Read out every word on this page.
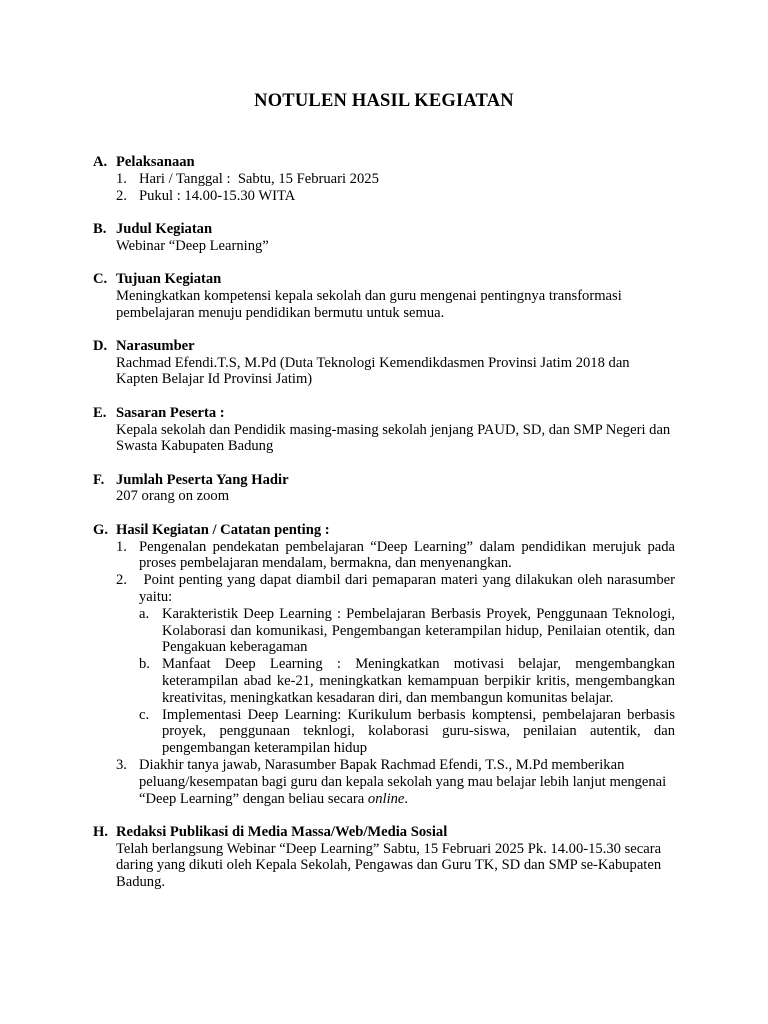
NOTULEN HASIL KEGIATAN
A. Pelaksanaan
1. Hari / Tanggal :  Sabtu, 15 Februari 2025
2. Pukul : 14.00-15.30 WITA
B. Judul Kegiatan
Webinar “Deep Learning”
C. Tujuan Kegiatan
Meningkatkan kompetensi kepala sekolah dan guru mengenai pentingnya transformasi pembelajaran menuju pendidikan bermutu untuk semua.
D. Narasumber
Rachmad Efendi.T.S, M.Pd (Duta Teknologi Kemendikdasmen Provinsi Jatim 2018 dan Kapten Belajar Id Provinsi Jatim)
E. Sasaran Peserta :
Kepala sekolah dan Pendidik masing-masing sekolah jenjang PAUD, SD, dan SMP Negeri dan Swasta Kabupaten Badung
F. Jumlah Peserta Yang Hadir
207 orang on zoom
G. Hasil Kegiatan / Catatan penting :
1. Pengenalan pendekatan pembelajaran “Deep Learning” dalam pendidikan merujuk pada proses pembelajaran mendalam, bermakna, dan menyenangkan.
2. Point penting yang dapat diambil dari pemaparan materi yang dilakukan oleh narasumber yaitu:
a. Karakteristik Deep Learning : Pembelajaran Berbasis Proyek, Penggunaan Teknologi, Kolaborasi dan komunikasi, Pengembangan keterampilan hidup, Penilaian otentik, dan Pengakuan keberagaman
b. Manfaat Deep Learning : Meningkatkan motivasi belajar, mengembangkan keterampilan abad ke-21, meningkatkan kemampuan berpikir kritis, mengembangkan kreativitas, meningkatkan kesadaran diri, dan membangun komunitas belajar.
c. Implementasi Deep Learning: Kurikulum berbasis komptensi, pembelajaran berbasis proyek, penggunaan teknlogi, kolaborasi guru-siswa, penilaian autentik, dan pengembangan keterampilan hidup
3. Diakhir tanya jawab, Narasumber Bapak Rachmad Efendi, T.S., M.Pd memberikan peluang/kesempatan bagi guru dan kepala sekolah yang mau belajar lebih lanjut mengenai “Deep Learning” dengan beliau secara online.
H. Redaksi Publikasi di Media Massa/Web/Media Sosial
Telah berlangsung Webinar “Deep Learning” Sabtu, 15 Februari 2025 Pk. 14.00-15.30 secara daring yang dikuti oleh Kepala Sekolah, Pengawas dan Guru TK, SD dan SMP se-Kabupaten Badung.
